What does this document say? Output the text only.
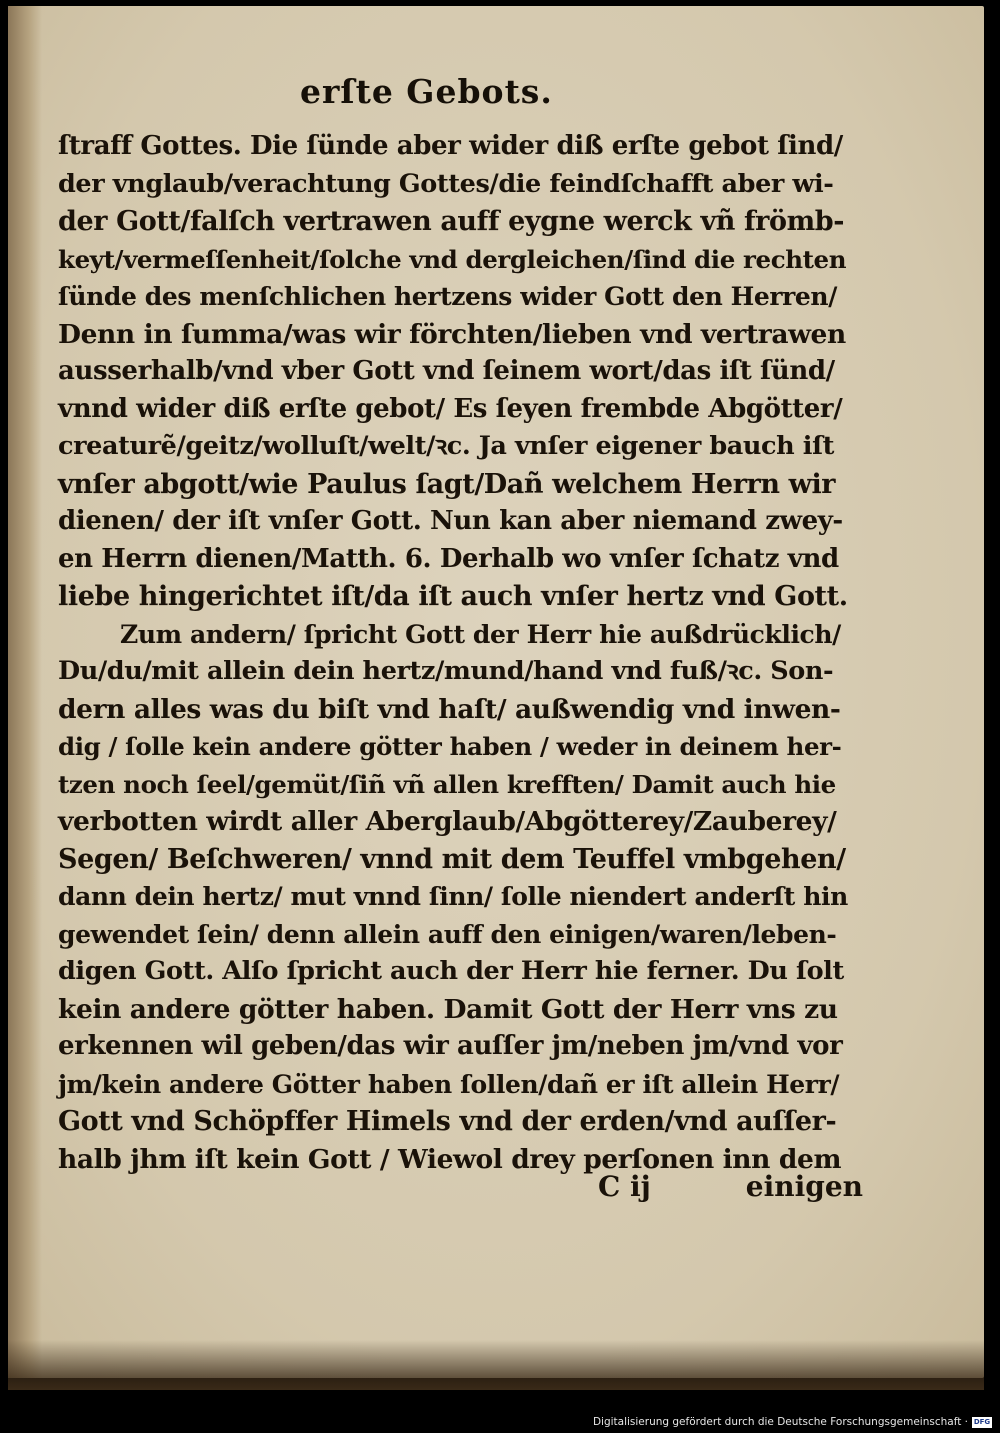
erſte Gebots.
ſtraff Gottes. Die ſünde aber wider diß erſte gebot ſind/
der vnglaub/verachtung Gottes/die feindſchafft aber wi-
der Gott/falſch vertrawen auff eygne werck vñ frömb-
keyt/vermeſſenheit/ſolche vnd dergleichen/ſind die rechten
ſünde des menſchlichen hertzens wider Gott den Herren/
Denn in ſumma/was wir förchten/lieben vnd vertrawen
ausserhalb/vnd vber Gott vnd ſeinem wort/das iſt ſünd/
vnnd wider diß erſte gebot/ Es ſeyen frembde Abgötter/
creaturẽ/geitz/wolluſt/welt/ꝛc. Ja vnſer eigener bauch iſt
vnſer abgott/wie Paulus ſagt/Dañ welchem Herrn wir
dienen/ der iſt vnſer Gott. Nun kan aber niemand zwey-
en Herrn dienen/Matth. 6. Derhalb wo vnſer ſchatz vnd
liebe hingerichtet iſt/da iſt auch vnſer hertz vnd Gott.
Zum andern/ ſpricht Gott der Herr hie außdrücklich/
Du/du/mit allein dein hertz/mund/hand vnd fuß/ꝛc. Son-
dern alles was du biſt vnd haſt/ außwendig vnd inwen-
dig / ſolle kein andere götter haben / weder in deinem her-
tzen noch ſeel/gemüt/ſiñ vñ allen krefften/ Damit auch hie
verbotten wirdt aller Aberglaub/Abgötterey/Zauberey/
Segen/ Beſchweren/ vnnd mit dem Teuffel vmbgehen/
dann dein hertz/ mut vnnd ſinn/ ſolle niendert anderſt hin
gewendet ſein/ denn allein auff den einigen/waren/leben-
digen Gott. Alſo ſpricht auch der Herr hie ferner. Du ſolt
kein andere götter haben. Damit Gott der Herr vns zu
erkennen wil geben/das wir auſſer jm/neben jm/vnd vor
jm/kein andere Götter haben ſollen/dañ er iſt allein Herr/
Gott vnd Schöpffer Himels vnd der erden/vnd auſſer-
halb jhm iſt kein Gott / Wiewol drey perſonen inn dem
C ij	einigen
Digitalisierung gefördert durch die Deutsche Forschungsgemeinschaft · DFG
